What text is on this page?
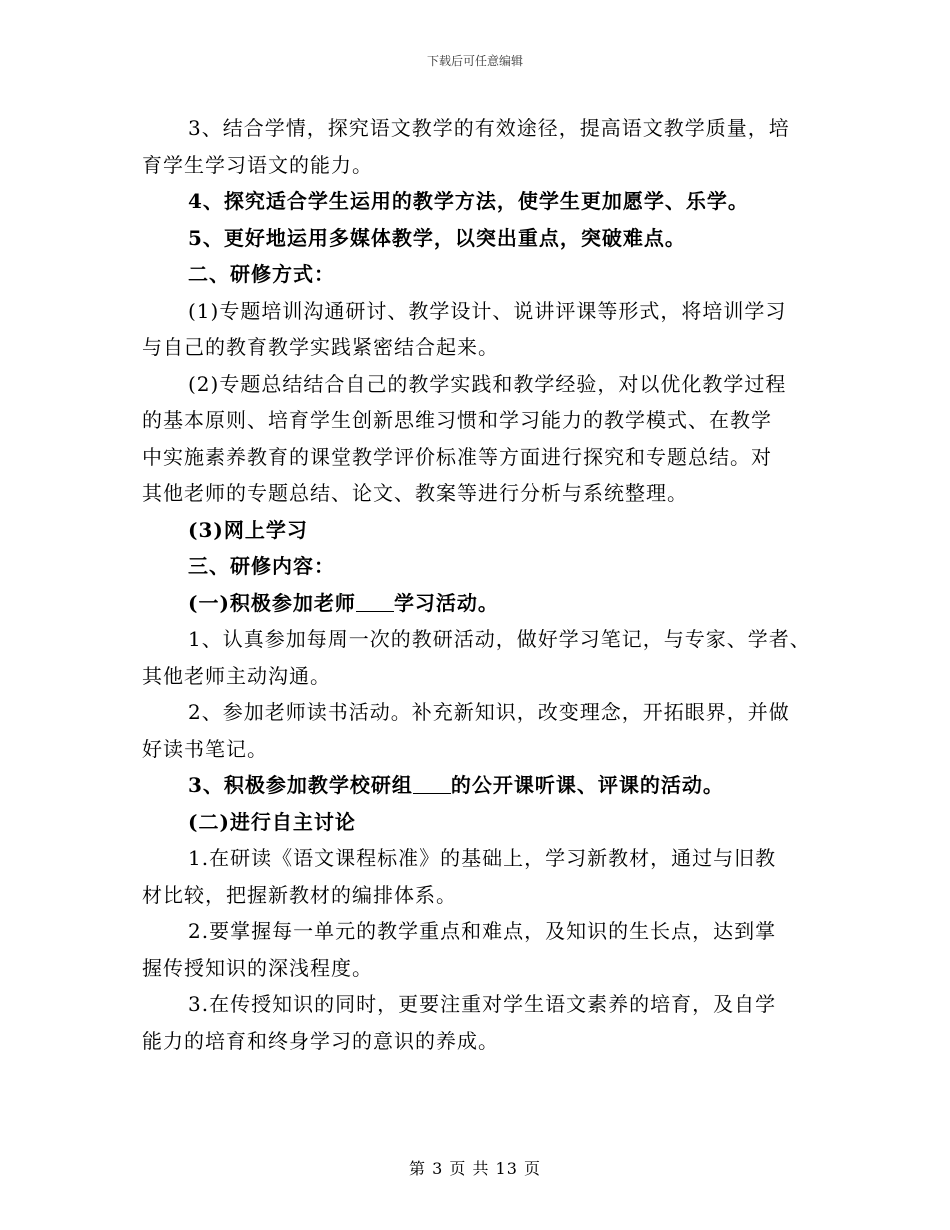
下载后可任意编辑
3、结合学情，探究语文教学的有效途径，提高语文教学质量，培
育学生学习语文的能力。
4、探究适合学生运用的教学方法，使学生更加愿学、乐学。
5、更好地运用多媒体教学，以突出重点，突破难点。
二、研修方式：
(1)专题培训沟通研讨、教学设计、说讲评课等形式，将培训学习
与自己的教育教学实践紧密结合起来。
(2)专题总结结合自己的教学实践和教学经验，对以优化教学过程
的基本原则、培育学生创新思维习惯和学习能力的教学模式、在教学
中实施素养教育的课堂教学评价标准等方面进行探究和专题总结。对
其他老师的专题总结、论文、教案等进行分析与系统整理。
(3)网上学习
三、研修内容：
(一)积极参加老师 学习活动。
1、认真参加每周一次的教研活动，做好学习笔记，与专家、学者、
其他老师主动沟通。
2、参加老师读书活动。补充新知识，改变理念，开拓眼界，并做
好读书笔记。
3、积极参加教学校研组 的公开课听课、评课的活动。
(二)进行自主讨论
1.在研读《语文课程标准》的基础上，学习新教材，通过与旧教
材比较，把握新教材的编排体系。
2.要掌握每一单元的教学重点和难点，及知识的生长点，达到掌
握传授知识的深浅程度。
3.在传授知识的同时，更要注重对学生语文素养的培育，及自学
能力的培育和终身学习的意识的养成。
第 3 页 共 13 页
